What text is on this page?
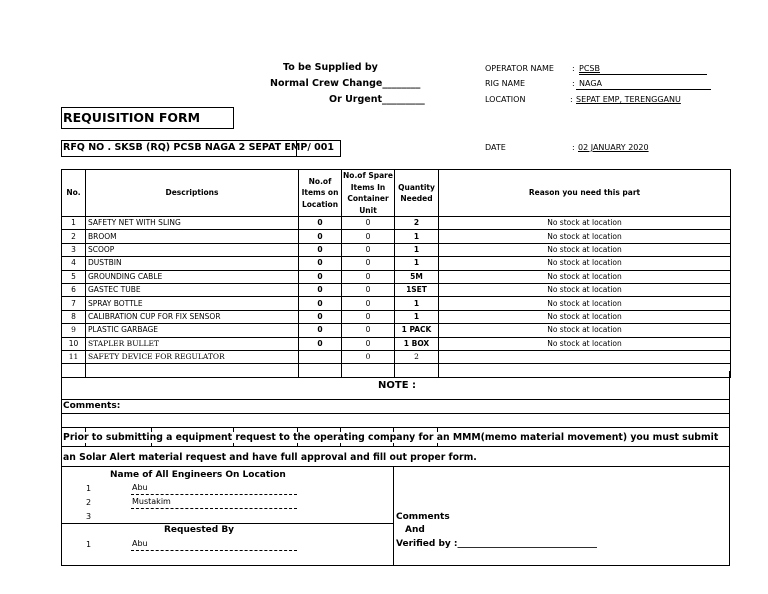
To be Supplied by
Normal Crew Change________
Or Urgent_________
OPERATOR NAME : PCSB
RIG NAME	: NAGA
LOCATION	: SEPAT EMP, TERENGGANU
DATE	: 02 JANUARY 2020
REQUISITION FORM
RFQ NO . SKSB (RQ) PCSB NAGA 2 SEPAT EMP/ 001
No.	Descriptions	No.of Items on Location	No.of Spare Items In Container Unit	Quantity Needed	Reason you need this part
1	SAFETY NET WITH SLING	0	0	2	No stock at location
2	BROOM	0	0	1	No stock at location
3	SCOOP	0	0	1	No stock at location
4	DUSTBIN	0	0	1	No stock at location
5	GROUNDING CABLE	0	0	5M	No stock at location
6	GASTEC TUBE	0	0	1SET	No stock at location
7	SPRAY BOTTLE	0	0	1	No stock at location
8	CALIBRATION CUP FOR FIX SENSOR	0	0	1	No stock at location
9	PLASTIC GARBAGE	0	0	1 PACK	No stock at location
10	STAPLER BULLET	0	0	1 BOX	No stock at location
11	SAFETY DEVICE FOR REGULATOR		0	2	

NOTE :
Comments:
Prior to submitting a equipment request to the operating company for an MMM(memo material movement) you must submit
an Solar Alert material request and have full approval and fill out proper form.
Name of All Engineers On Location
1	Abu
2	Mustakim
3
Requested By
1	Abu
Comments
And
Verified by :_______________________________
